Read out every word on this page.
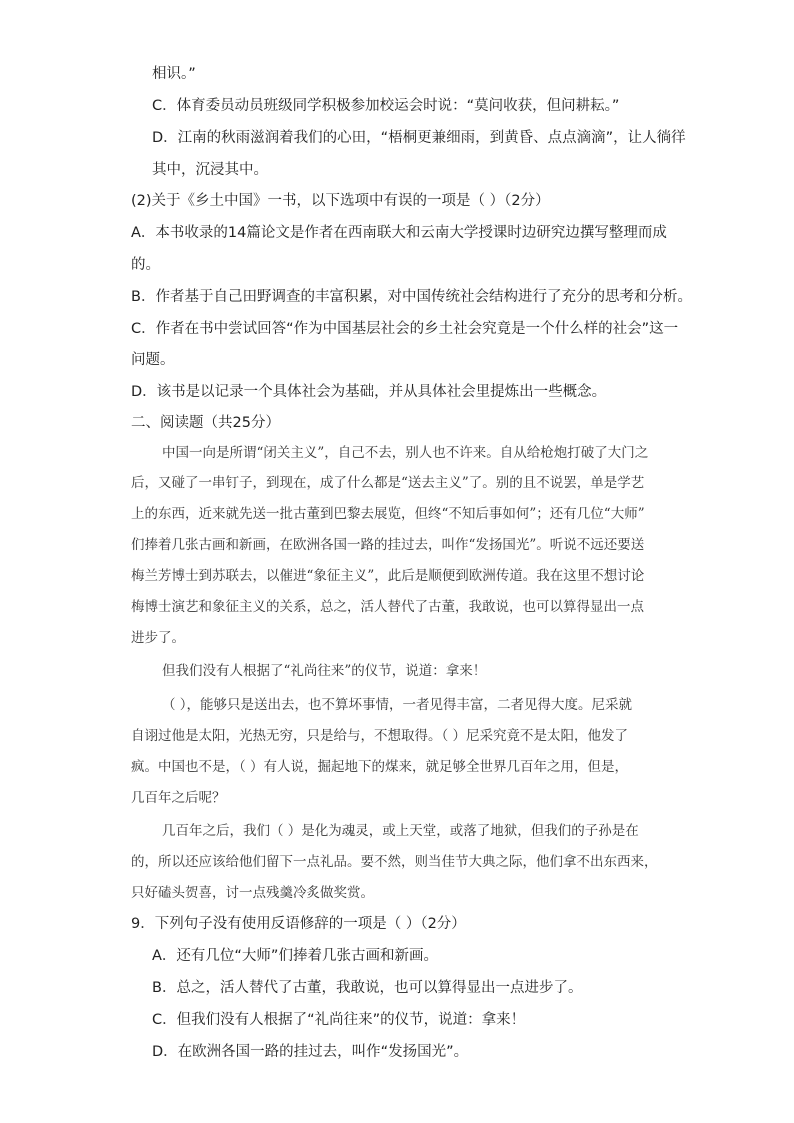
相识。”
C．体育委员动员班级同学积极参加校运会时说：“莫问收获，但问耕耘。”
D．江南的秋雨滋润着我们的心田，“梧桐更兼细雨，到黄昏、点点滴滴”，让人徜徉
其中，沉浸其中。
(2)关于《乡土中国》一书，以下选项中有误的一项是（ ）（2分）
A．本书收录的14篇论文是作者在西南联大和云南大学授课时边研究边撰写整理而成
的。
B．作者基于自己田野调查的丰富积累，对中国传统社会结构进行了充分的思考和分析。
C．作者在书中尝试回答“作为中国基层社会的乡土社会究竟是一个什么样的社会”这一
问题。
D．该书是以记录一个具体社会为基础，并从具体社会里提炼出一些概念。
二、阅读题（共25分）
中国一向是所谓“闭关主义”，自己不去，别人也不许来。自从给枪炮打破了大门之
后，又碰了一串钉子，到现在，成了什么都是“送去主义”了。别的且不说罢，单是学艺
上的东西，近来就先送一批古董到巴黎去展览，但终“不知后事如何”；还有几位“大师”
们捧着几张古画和新画，在欧洲各国一路的挂过去，叫作“发扬国光”。听说不远还要送
梅兰芳博士到苏联去，以催进“象征主义”，此后是顺便到欧洲传道。我在这里不想讨论
梅博士演艺和象征主义的关系，总之，活人替代了古董，我敢说，也可以算得显出一点
进步了。
但我们没有人根据了“礼尚往来”的仪节，说道：拿来！
（ ），能够只是送出去，也不算坏事情，一者见得丰富，二者见得大度。尼采就
自诩过他是太阳，光热无穷，只是给与，不想取得。（ ）尼采究竟不是太阳，他发了
疯。中国也不是，（ ）有人说，掘起地下的煤来，就足够全世界几百年之用，但是，
几百年之后呢？
几百年之后，我们（ ）是化为魂灵，或上天堂，或落了地狱，但我们的子孙是在
的，所以还应该给他们留下一点礼品。要不然，则当佳节大典之际，他们拿不出东西来，
只好磕头贺喜，讨一点残羹冷炙做奖赏。
9．下列句子没有使用反语修辞的一项是（ ）（2分）
A．还有几位“大师”们捧着几张古画和新画。
B．总之，活人替代了古董，我敢说，也可以算得显出一点进步了。
C．但我们没有人根据了“礼尚往来”的仪节，说道：拿来！
D．在欧洲各国一路的挂过去，叫作“发扬国光”。
